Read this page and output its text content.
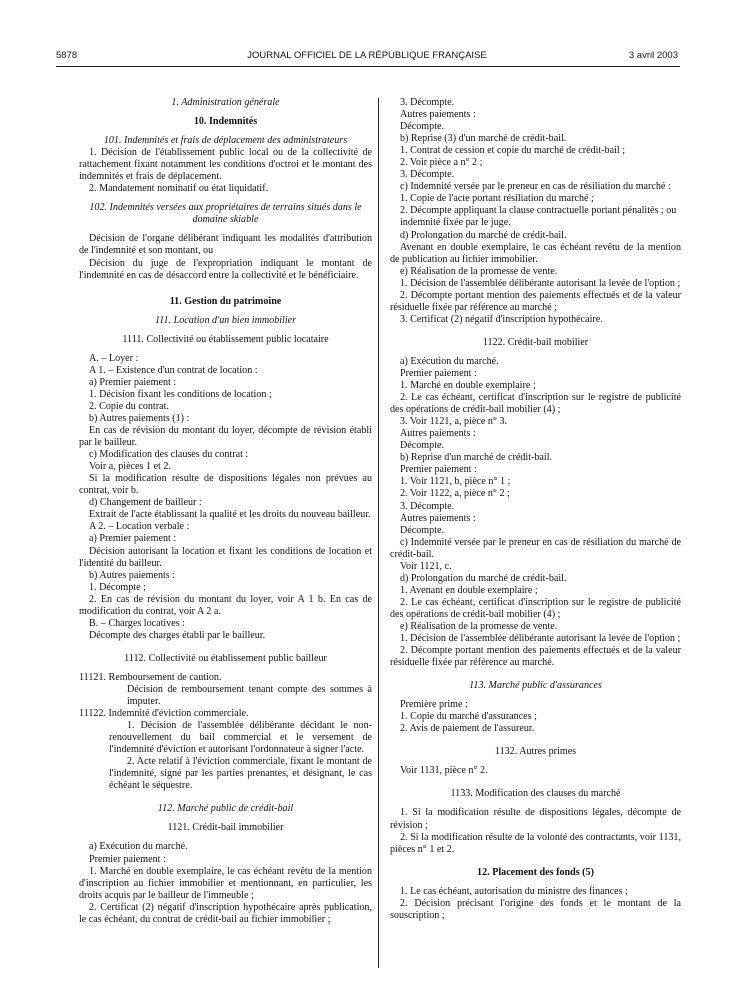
5878	JOURNAL OFFICIEL DE LA RÉPUBLIQUE FRANÇAISE	3 avril 2003

1. Administration générale

10. Indemnités

101. Indemnités et frais de déplacement des administrateurs

1. Décision de l'établissement public local ou de la collectivité de rattachement fixant notamment les conditions d'octroi et le montant des indemnités et frais de déplacement.

2. Mandatement nominatif ou état liquidatif.

102. Indemnités versées aux propriétaires de terrains situés dans le domaine skiable

Décision de l'organe délibérant indiquant les modalités d'attribution de l'indemnité et son montant, ou

Décision du juge de l'expropriation indiquant le montant de l'indemnité en cas de désaccord entre la collectivité et le bénéficiaire.

11. Gestion du patrimoine

111. Location d'un bien immobilier

1111. Collectivité ou établissement public locataire

A. – Loyer :

A 1. – Existence d'un contrat de location :

a) Premier paiement :

1. Décision fixant les conditions de location ;

2. Copie du contrat.

b) Autres paiements (1) :

En cas de révision du montant du loyer, décompte de révision établi par le bailleur.

c) Modification des clauses du contrat :

Voir a, pièces 1 et 2.

Si la modification résulte de dispositions légales non prévues au contrat, voir b.

d) Changement de bailleur :

Extrait de l'acte établissant la qualité et les droits du nouveau bailleur.

A 2. – Location verbale :

a) Premier paiement :

Décision autorisant la location et fixant les conditions de location et l'identité du bailleur.

b) Autres paiements :

1. Décompte ;

2. En cas de révision du montant du loyer, voir A 1 b. En cas de modification du contrat, voir A 2 a.

B. – Charges locatives :

Décompte des charges établi par le bailleur.

1112. Collectivité ou établissement public bailleur

11121. Remboursement de caution.

Décision de remboursement tenant compte des sommes à imputer.

11122. Indemnité d'éviction commerciale.

1. Décision de l'assemblée délibérante décidant le non-renouvellement du bail commercial et le versement de l'indemnité d'éviction et autorisant l'ordonnateur à signer l'acte.

2. Acte relatif à l'éviction commerciale, fixant le montant de l'indemnité, signé par les parties prenantes, et désignant, le cas échéant le séquestre.

112. Marché public de crédit-bail

1121. Crédit-bail immobilier

a) Exécution du marché.

Premier paiement :

1. Marché en double exemplaire, le cas échéant revêtu de la mention d'inscription au fichier immobilier et mentionnant, en particulier, les droits acquis par le bailleur de l'immeuble ;

2. Certificat (2) négatif d'inscription hypothécaire après publication, le cas échéant, du contrat de crédit-bail au fichier immobilier ;

3. Décompte.

Autres paiements :

Décompte.

b) Reprise (3) d'un marché de crédit-bail.

1. Contrat de cession et copie du marché de crédit-bail ;

2. Voir pièce a n° 2 ;

3. Décompte.

c) Indemnité versée par le preneur en cas de résiliation du marché :

1. Copie de l'acte portant résiliation du marché ;

2. Décompte appliquant la clause contractuelle portant pénalités ; ou

indemnité fixée par le juge.

d) Prolongation du marché de crédit-bail.

Avenant en double exemplaire, le cas échéant revêtu de la mention de publication au fichier immobilier.

e) Réalisation de la promesse de vente.

1. Décision de l'assemblée délibérante autorisant la levée de l'option ;

2. Décompte portant mention des paiements effectués et de la valeur résiduelle fixée par référence au marché ;

3. Certificat (2) négatif d'inscription hypothécaire.

1122. Crédit-bail mobilier

a) Exécution du marché.

Premier paiement :

1. Marché en double exemplaire ;

2. Le cas échéant, certificat d'inscription sur le registre de publicité des opérations de crédit-bail mobilier (4) ;

3. Voir 1121, a, pièce n° 3.

Autres paiements :

Décompte.

b) Reprise d'un marché de crédit-bail.

Premier paiement :

1. Voir 1121, b, pièce n° 1 ;

2. Voir 1122, a, pièce n° 2 ;

3. Décompte.

Autres paiements :

Décompte.

c) Indemnité versée par le preneur en cas de résiliation du marché de crédit-bail.

Voir 1121, c.

d) Prolongation du marché de crédit-bail.

1. Avenant en double exemplaire ;

2. Le cas échéant, certificat d'inscription sur le registre de publicité des opérations de crédit-bail mobilier (4) ;

e) Réalisation de la promesse de vente.

1. Décision de l'assemblée délibérante autorisant la levée de l'option ;

2. Décompte portant mention des paiements effectués et de la valeur résiduelle fixée par référence au marché.

113. Marché public d'assurances

Première prime :

1. Copie du marché d'assurances ;

2. Avis de paiement de l'assureur.

1132. Autres primes

Voir 1131, pièce n° 2.

1133. Modification des clauses du marché

1. Si la modification résulte de dispositions légales, décompte de révision ;

2. Si la modification résulte de la volonté des contractants, voir 1131, pièces n° 1 et 2.

12. Placement des fonds (5)

1. Le cas échéant, autorisation du ministre des finances ;

2. Décision précisant l'origine des fonds et le montant de la souscription ;
